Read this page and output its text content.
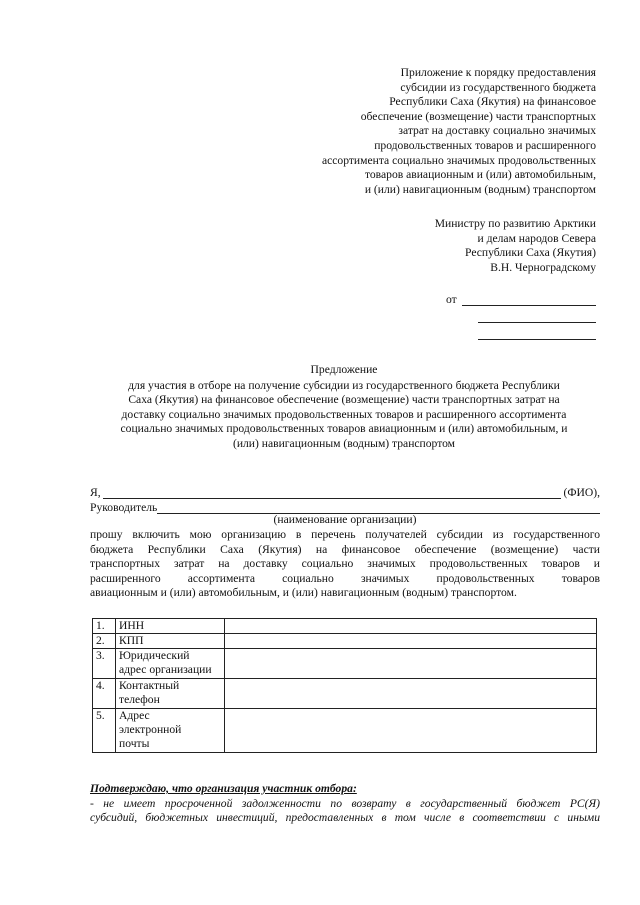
Приложение к порядку предоставления
субсидии из государственного бюджета
Республики Саха (Якутия) на финансовое
обеспечение (возмещение) части транспортных
затрат на доставку социально значимых
продовольственных товаров и расширенного
ассортимента социально значимых продовольственных
товаров авиационным и (или) автомобильным,
и (или) навигационным (водным) транспортом
Министру по развитию Арктики
и делам народов Севера
Республики Саха (Якутия)
В.Н. Черноградскому
от
Предложение
для участия в отборе на получение субсидии из государственного бюджета Республики
Саха (Якутия) на финансовое обеспечение (возмещение) части транспортных затрат на
доставку социально значимых продовольственных товаров и расширенного ассортимента
социально значимых продовольственных товаров авиационным и (или) автомобильным, и
(или) навигационным (водным) транспортом
Я,	(ФИО),
Руководитель
(наименование организации)
прошу включить мою организацию в перечень получателей субсидии из государственного
бюджета Республики Саха (Якутия) на финансовое обеспечение (возмещение) части
транспортных затрат на доставку социально значимых продовольственных товаров и
расширенного ассортимента социально значимых продовольственных товаров
авиационным и (или) автомобильным, и (или) навигационным (водным) транспортом.
1.	ИНН	

2.	КПП	

3.	Юридический
адрес организации	

4.	Контактный
телефон	

5.	Адрес
электронной
почты	

Подтверждаю, что организация участник отбора:
- не имеет просроченной задолженности по возврату в государственный бюджет РС(Я)
субсидий, бюджетных инвестиций, предоставленных в том числе в соответствии с иными
